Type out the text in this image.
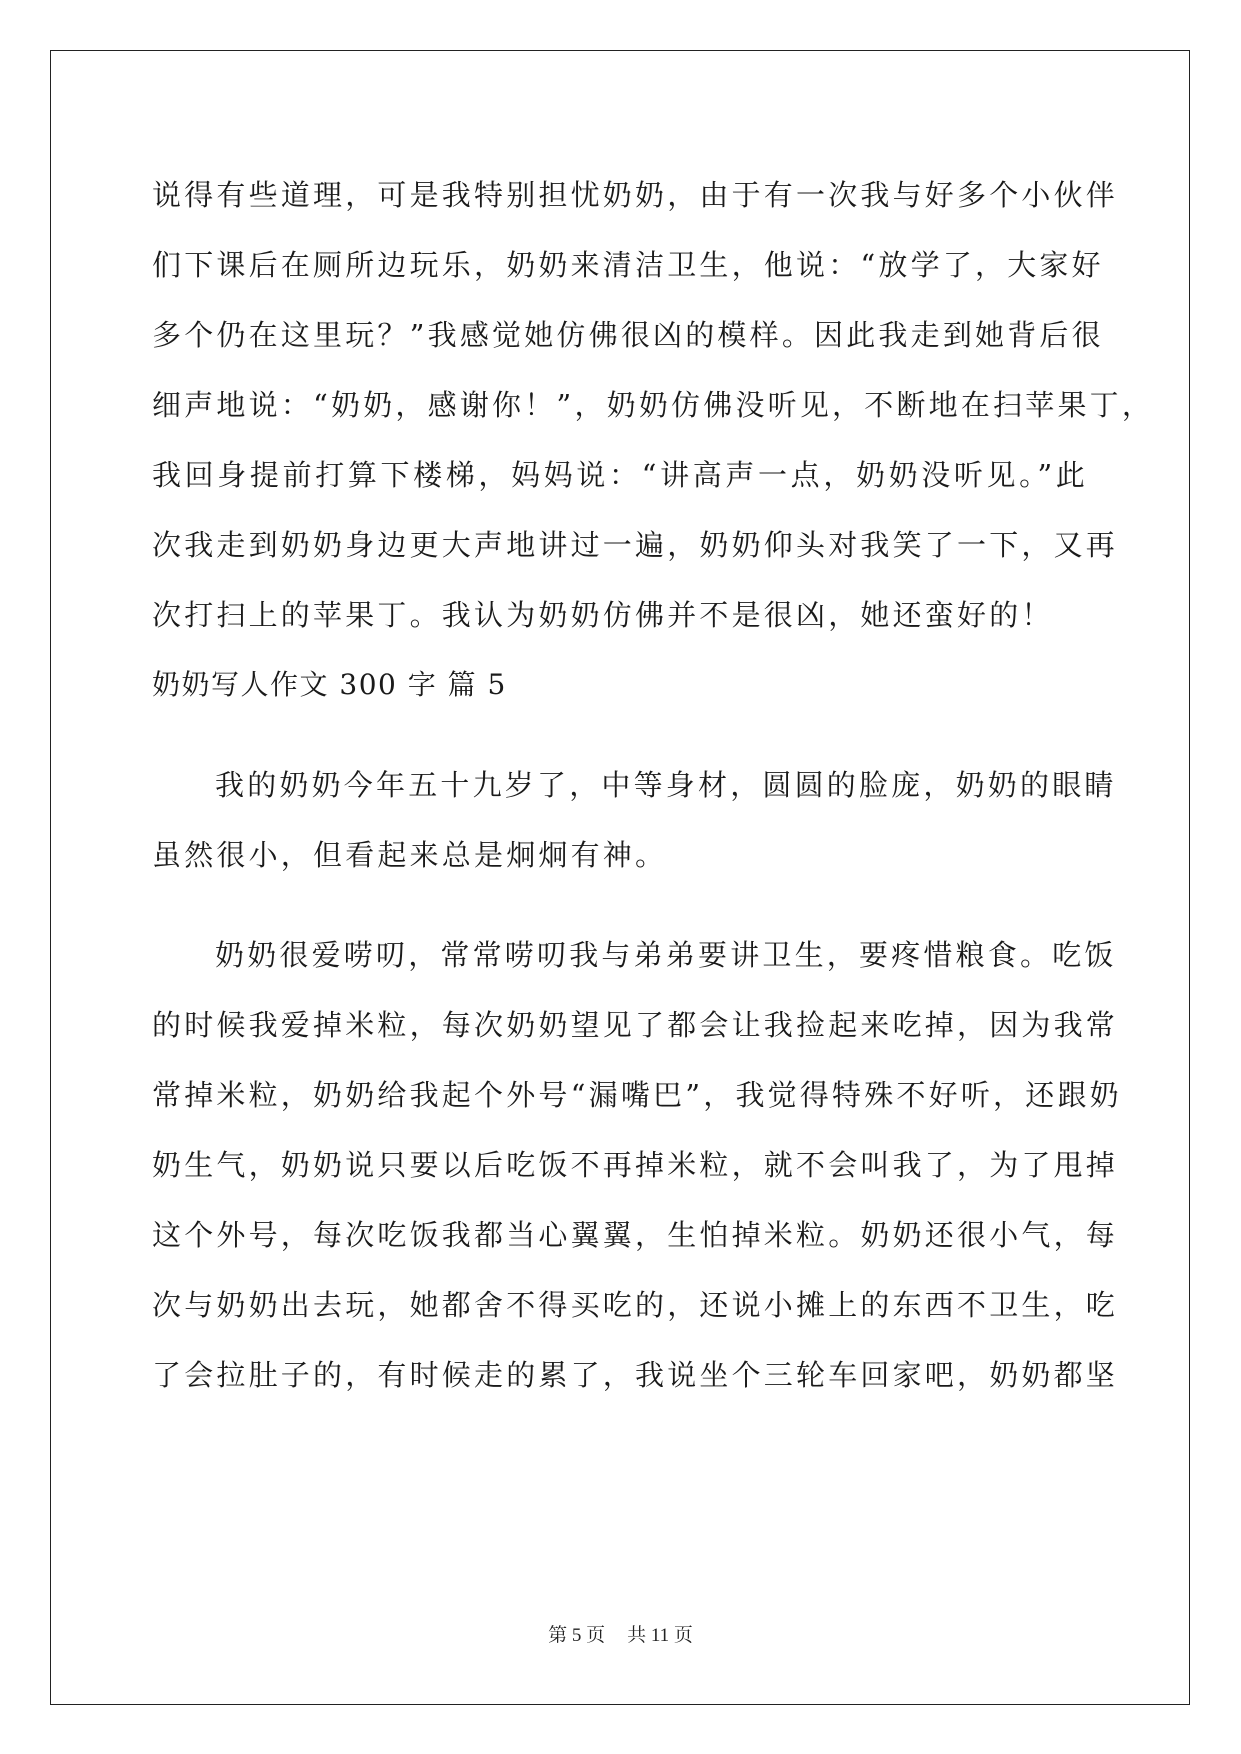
说得有些道理，可是我特别担忧奶奶，由于有一次我与好多个小伙伴
们下课后在厕所边玩乐，奶奶来清洁卫生，他说：“放学了，大家好
多个仍在这里玩？”我感觉她仿佛很凶的模样。因此我走到她背后很
细声地说：“奶奶，感谢你！”，奶奶仿佛没听见，不断地在扫苹果丁，
我回身提前打算下楼梯，妈妈说：“讲高声一点，奶奶没听见。”此
次我走到奶奶身边更大声地讲过一遍，奶奶仰头对我笑了一下，又再
次打扫上的苹果丁。我认为奶奶仿佛并不是很凶，她还蛮好的！
奶奶写人作文 300 字 篇 5
我的奶奶今年五十九岁了，中等身材，圆圆的脸庞，奶奶的眼睛
虽然很小，但看起来总是炯炯有神。
奶奶很爱唠叨，常常唠叨我与弟弟要讲卫生，要疼惜粮食。吃饭
的时候我爱掉米粒，每次奶奶望见了都会让我捡起来吃掉，因为我常
常掉米粒，奶奶给我起个外号“漏嘴巴”，我觉得特殊不好听，还跟奶
奶生气，奶奶说只要以后吃饭不再掉米粒，就不会叫我了，为了甩掉
这个外号，每次吃饭我都当心翼翼，生怕掉米粒。奶奶还很小气，每
次与奶奶出去玩，她都舍不得买吃的，还说小摊上的东西不卫生，吃
了会拉肚子的，有时候走的累了，我说坐个三轮车回家吧，奶奶都坚
第 5 页 共 11 页
